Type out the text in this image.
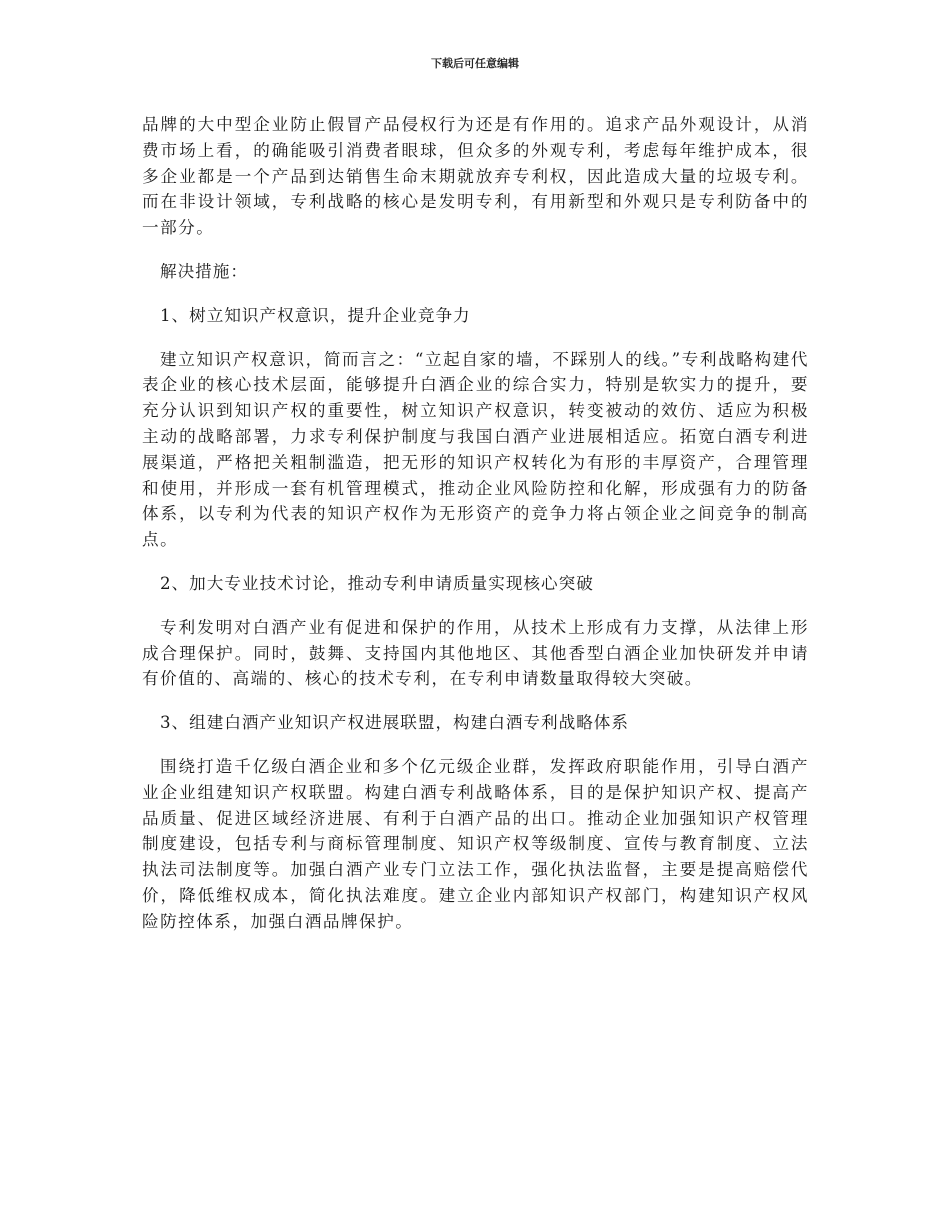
下载后可任意编辑

品牌的大中型企业防止假冒产品侵权行为还是有作用的。追求产品外观设计，从消费市场上看，的确能吸引消费者眼球，但众多的外观专利，考虑每年维护成本，很多企业都是一个产品到达销售生命末期就放弃专利权，因此造成大量的垃圾专利。而在非设计领域，专利战略的核心是发明专利，有用新型和外观只是专利防备中的一部分。

解决措施：

1、树立知识产权意识，提升企业竞争力

建立知识产权意识，简而言之：“立起自家的墙，不踩别人的线。”专利战略构建代表企业的核心技术层面，能够提升白酒企业的综合实力，特别是软实力的提升，要充分认识到知识产权的重要性，树立知识产权意识，转变被动的效仿、适应为积极主动的战略部署，力求专利保护制度与我国白酒产业进展相适应。拓宽白酒专利进展渠道，严格把关粗制滥造，把无形的知识产权转化为有形的丰厚资产，合理管理和使用，并形成一套有机管理模式，推动企业风险防控和化解，形成强有力的防备体系，以专利为代表的知识产权作为无形资产的竞争力将占领企业之间竞争的制高点。

2、加大专业技术讨论，推动专利申请质量实现核心突破

专利发明对白酒产业有促进和保护的作用，从技术上形成有力支撑，从法律上形成合理保护。同时，鼓舞、支持国内其他地区、其他香型白酒企业加快研发并申请有价值的、高端的、核心的技术专利，在专利申请数量取得较大突破。

3、组建白酒产业知识产权进展联盟，构建白酒专利战略体系

围绕打造千亿级白酒企业和多个亿元级企业群，发挥政府职能作用，引导白酒产业企业组建知识产权联盟。构建白酒专利战略体系，目的是保护知识产权、提高产品质量、促进区域经济进展、有利于白酒产品的出口。推动企业加强知识产权管理制度建设，包括专利与商标管理制度、知识产权等级制度、宣传与教育制度、立法执法司法制度等。加强白酒产业专门立法工作，强化执法监督，主要是提高赔偿代价，降低维权成本，简化执法难度。建立企业内部知识产权部门，构建知识产权风险防控体系，加强白酒品牌保护。
